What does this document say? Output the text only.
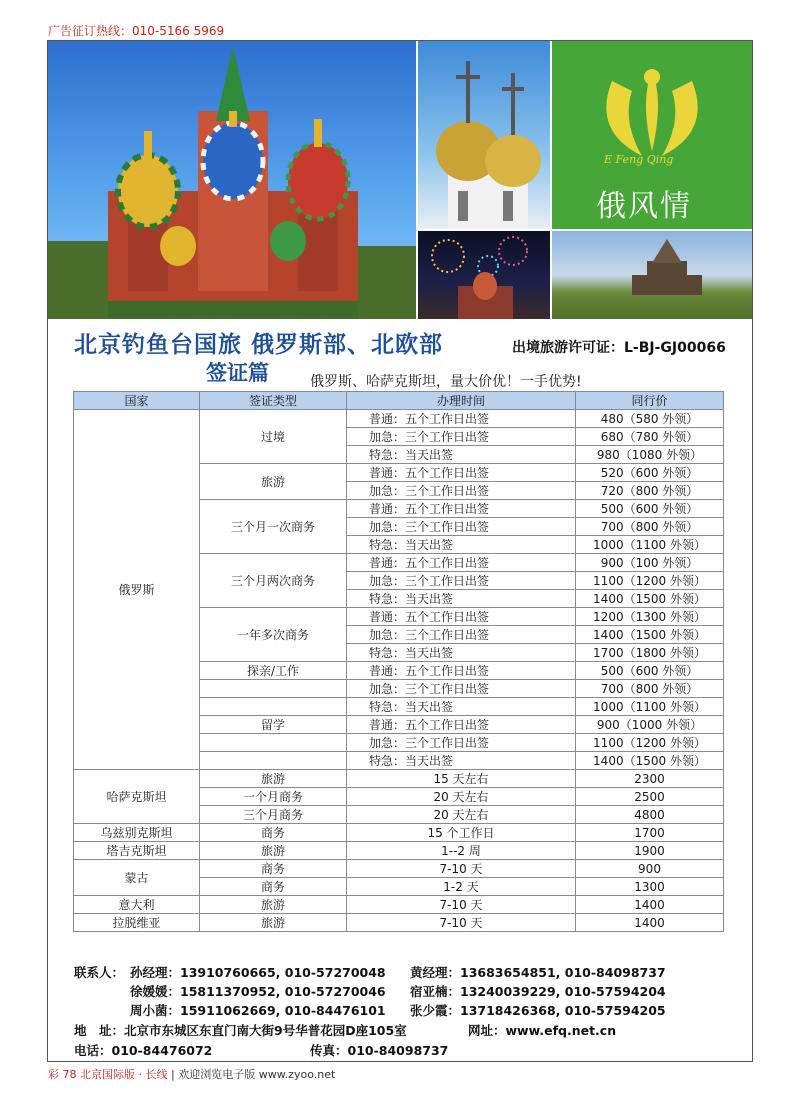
广告征订热线：010-5166 5969
E Feng Qing
俄风情
北京钓鱼台国旅 俄罗斯部、北欧部	出境旅游许可证：L-BJ-GJ00066
签证篇	俄罗斯、哈萨克斯坦，量大价优！一手优势!
国家	签证类型	办理时间	同行价
俄罗斯	过境	普通：五个工作日出签	480（580 外领）
		加急：三个工作日出签	680（780 外领）
		特急：当天出签	980（1080 外领）
	旅游	普通：五个工作日出签	520（600 外领）
		加急：三个工作日出签	720（800 外领）
	三个月一次商务	普通：五个工作日出签	500（600 外领）
		加急：三个工作日出签	700（800 外领）
		特急：当天出签	1000（1100 外领）
	三个月两次商务	普通：五个工作日出签	900（100 外领）
		加急：三个工作日出签	1100（1200 外领）
		特急：当天出签	1400（1500 外领）
	一年多次商务	普通：五个工作日出签	1200（1300 外领）
		加急：三个工作日出签	1400（1500 外领）
		特急：当天出签	1700（1800 外领）
	探亲/工作	普通：五个工作日出签	500（600 外领）
		加急：三个工作日出签	700（800 外领）
		特急：当天出签	1000（1100 外领）
	留学	普通：五个工作日出签	900（1000 外领）
		加急：三个工作日出签	1100（1200 外领）
		特急：当天出签	1400（1500 外领）
哈萨克斯坦	旅游	15 天左右	2300
	一个月商务	20 天左右	2500
	三个月商务	20 天左右	4800
乌兹别克斯坦	商务	15 个工作日	1700
塔吉克斯坦	旅游	1--2 周	1900
蒙古	商务	7-10 天	900
	商务	1-2 天	1300
意大利	旅游	7-10 天	1400
拉脱维亚	旅游	7-10 天	1400
联系人： 孙经理：13910760665, 010-57270048 黄经理：13683654851, 010-84098737
徐媛媛：15811370952, 010-57270046 宿亚楠：13240039229, 010-57594204
周小菌：15911062669, 010-84476101 张少霞：13718426368, 010-57594205
地　址：北京市东城区东直门南大街9号华普花园D座105室	网址：www.efq.net.cn
电话：010-84476072	传真：010-84098737
彩 78 北京国际版 · 长线 | 欢迎浏览电子版 www.zyoo.net
